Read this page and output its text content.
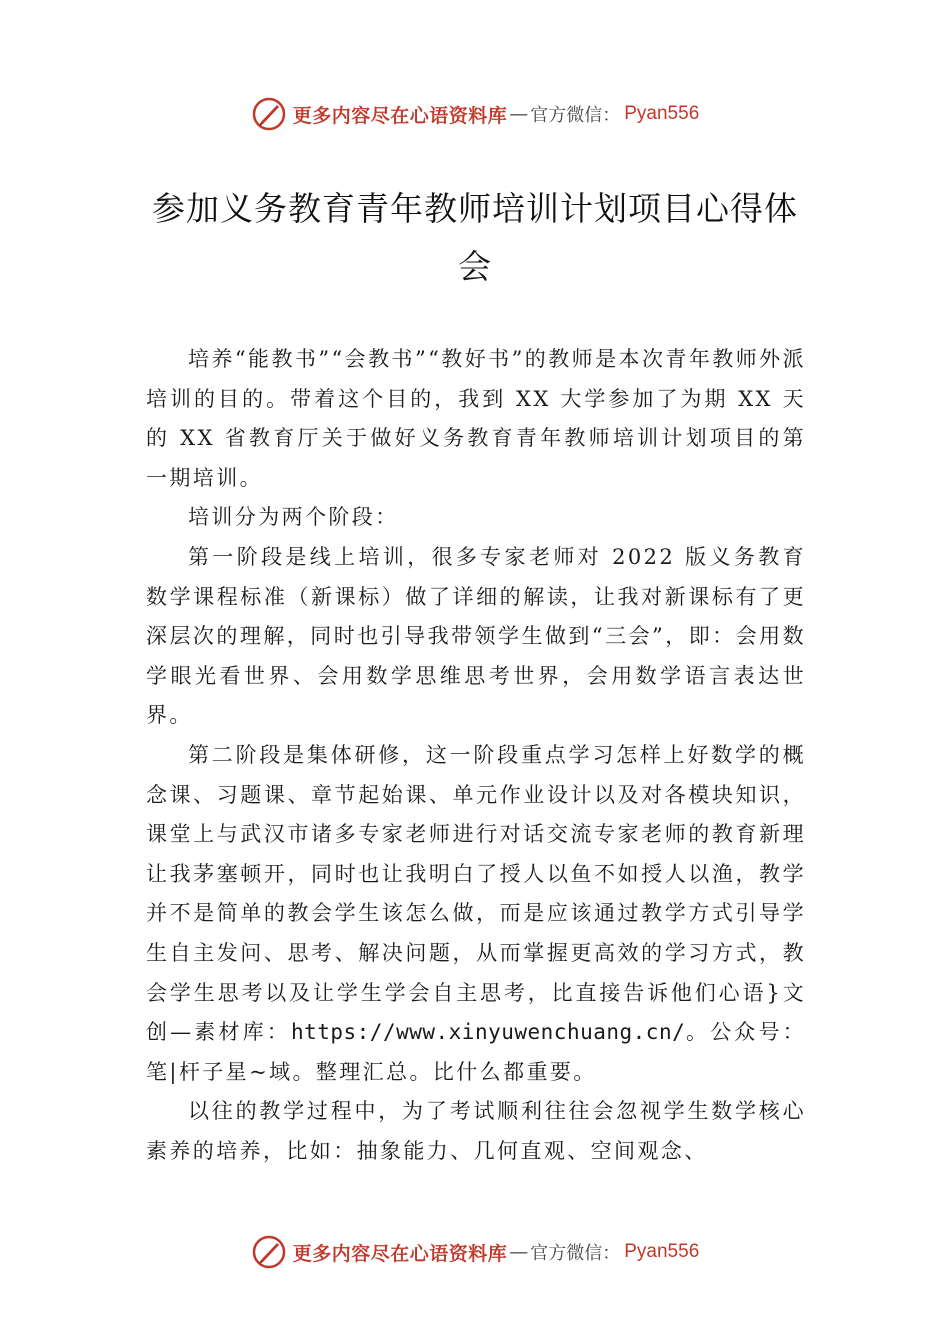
更多内容尽在心语资料库 — 官方微信： Pyan556
参加义务教育青年教师培训计划项目心得体会

培养“能教书”“会教书”“教好书”的教师是本次青年教师外派培训的目的。带着这个目的，我到 XX 大学参加了为期 XX 天的 XX 省教育厅关于做好义务教育青年教师培训计划项目的第一期培训。

培训分为两个阶段：

第一阶段是线上培训，很多专家老师对 2022 版义务教育数学课程标准（新课标）做了详细的解读，让我对新课标有了更深层次的理解，同时也引导我带领学生做到“三会”，即：会用数学眼光看世界、会用数学思维思考世界，会用数学语言表达世界。

第二阶段是集体研修，这一阶段重点学习怎样上好数学的概念课、习题课、章节起始课、单元作业设计以及对各模块知识，课堂上与武汉市诸多专家老师进行对话交流专家老师的教育新理让我茅塞顿开，同时也让我明白了授人以鱼不如授人以渔，教学并不是简单的教会学生该怎么做，而是应该通过教学方式引导学生自主发问、思考、解决问题，从而掌握更高效的学习方式，教会学生思考以及让学生学会自主思考，比直接告诉他们心语}文创—素材库：https://www.xinyuwenchuang.cn/。公众号：笔|杆子星~域。整理汇总。比什么都重要。

以往的教学过程中，为了考试顺利往往会忽视学生数学核心素养的培养，比如：抽象能力、几何直观、空间观念、

更多内容尽在心语资料库 — 官方微信： Pyan556
